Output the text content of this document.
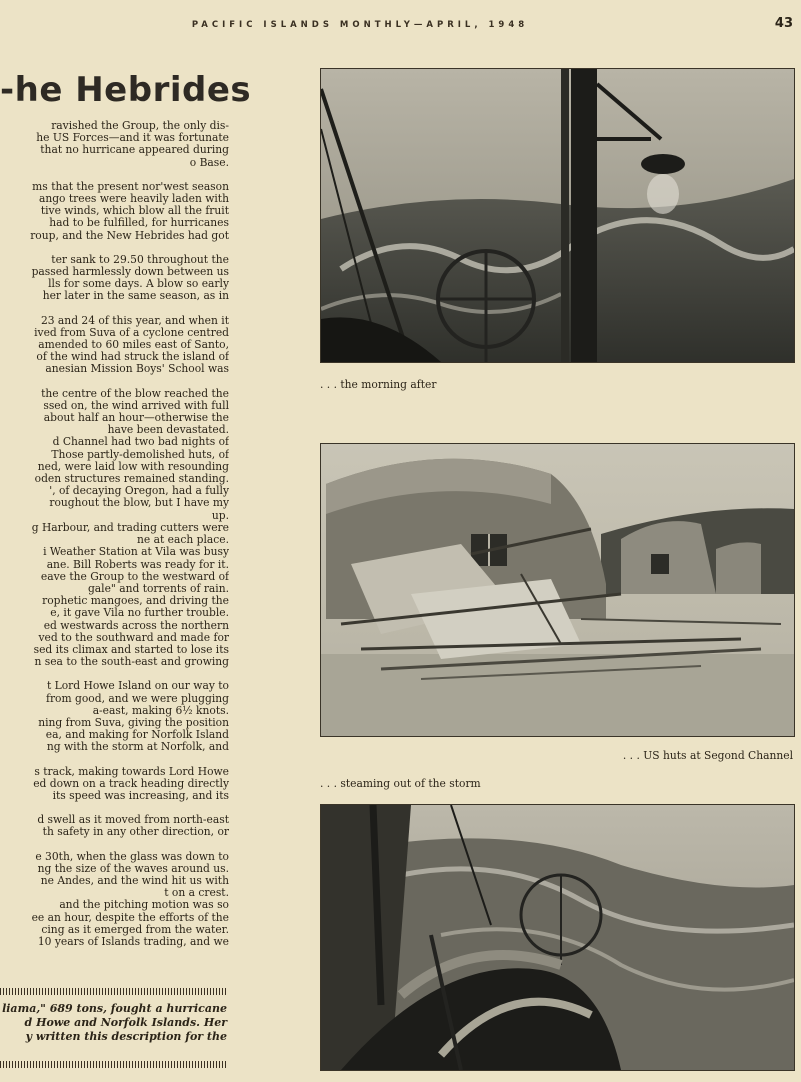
PACIFIC ISLANDS MONTHLY—APRIL, 1948	43
-he Hebrides
ravished the Group, the only dis-
he US Forces—and it was fortunate
that no hurricane appeared during
o Base.
ms that the present nor'west season
ango trees were heavily laden with
tive winds, which blow all the fruit
had to be fulfilled, for hurricanes
roup, and the New Hebrides had got
ter sank to 29.50 throughout the
passed harmlessly down between us
lls for some days. A blow so early
her later in the same season, as in
23 and 24 of this year, and when it
ived from Suva of a cyclone centred
amended to 60 miles east of Santo,
of the wind had struck the island of
anesian Mission Boys' School was
the centre of the blow reached the
ssed on, the wind arrived with full
about half an hour—otherwise the
have been devastated.
d Channel had two bad nights of
Those partly-demolished huts, of
ned, were laid low with resounding
oden structures remained standing.
', of decaying Oregon, had a fully
roughout the blow, but I have my
up.
g Harbour, and trading cutters were
ne at each place.
i Weather Station at Vila was busy
ane. Bill Roberts was ready for it.
eave the Group to the westward of
gale" and torrents of rain.
rophetic mangoes, and driving the
e, it gave Vila no further trouble.
ed westwards across the northern
ved to the southward and made for
sed its climax and started to lose its
n sea to the south-east and growing
t Lord Howe Island on our way to
from good, and we were plugging
a-east, making 6½ knots.
ning from Suva, giving the position
ea, and making for Norfolk Island
ng with the storm at Norfolk, and
s track, making towards Lord Howe
ed down on a track heading directly
its speed was increasing, and its
d swell as it moved from north-east
th safety in any other direction, or
e 30th, when the glass was down to
ng the size of the waves around us.
ne Andes, and the wind hit us with
t on a crest.
and the pitching motion was so
ee an hour, despite the efforts of the
cing as it emerged from the water.
10 years of Islands trading, and we
liama," 689 tons, fought a hurricane
d Howe and Norfolk Islands. Her
y written this description for the
. . . the morning after
. . . US huts at Segond Channel
. . . steaming out of the storm
